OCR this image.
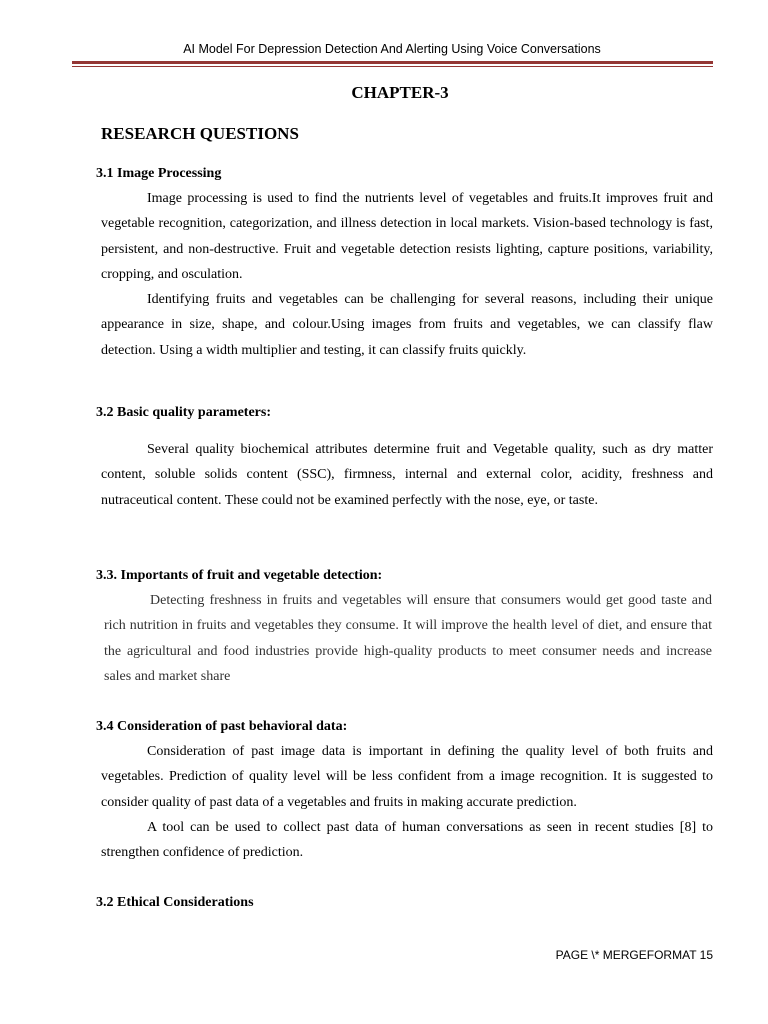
AI Model For Depression Detection And Alerting Using Voice Conversations
CHAPTER-3
RESEARCH QUESTIONS
3.1 Image Processing
Image processing is used to find the nutrients level of vegetables and fruits.It improves fruit and vegetable recognition, categorization, and illness detection in local markets. Vision-based technology is fast, persistent, and non-destructive. Fruit and vegetable detection resists lighting, capture positions, variability, cropping, and osculation.
Identifying fruits and vegetables can be challenging for several reasons, including their unique appearance in size, shape, and colour.Using images from fruits and vegetables, we can classify flaw detection. Using a width multiplier and testing, it can classify fruits quickly.
3.2 Basic quality parameters:
Several quality biochemical attributes determine fruit and Vegetable quality, such as dry matter content, soluble solids content (SSC), firmness, internal and external color, acidity, freshness and nutraceutical content. These could not be examined perfectly with the nose, eye, or taste.
3.3. Importants of fruit and vegetable detection:
Detecting freshness in fruits and vegetables will ensure that consumers would get good taste and rich nutrition in fruits and vegetables they consume. It will improve the health level of diet, and ensure that the agricultural and food industries provide high-quality products to meet consumer needs and increase sales and market share
3.4 Consideration of past behavioral data:
Consideration of past image data is important in defining the quality level of both fruits and vegetables. Prediction of quality level will be less confident from a image recognition. It is suggested to consider quality of past data of a vegetables and fruits in making accurate prediction.
A tool can be used to collect past data of human conversations as seen in recent studies [8] to strengthen confidence of prediction.
3.2 Ethical Considerations
PAGE \* MERGEFORMAT 15
